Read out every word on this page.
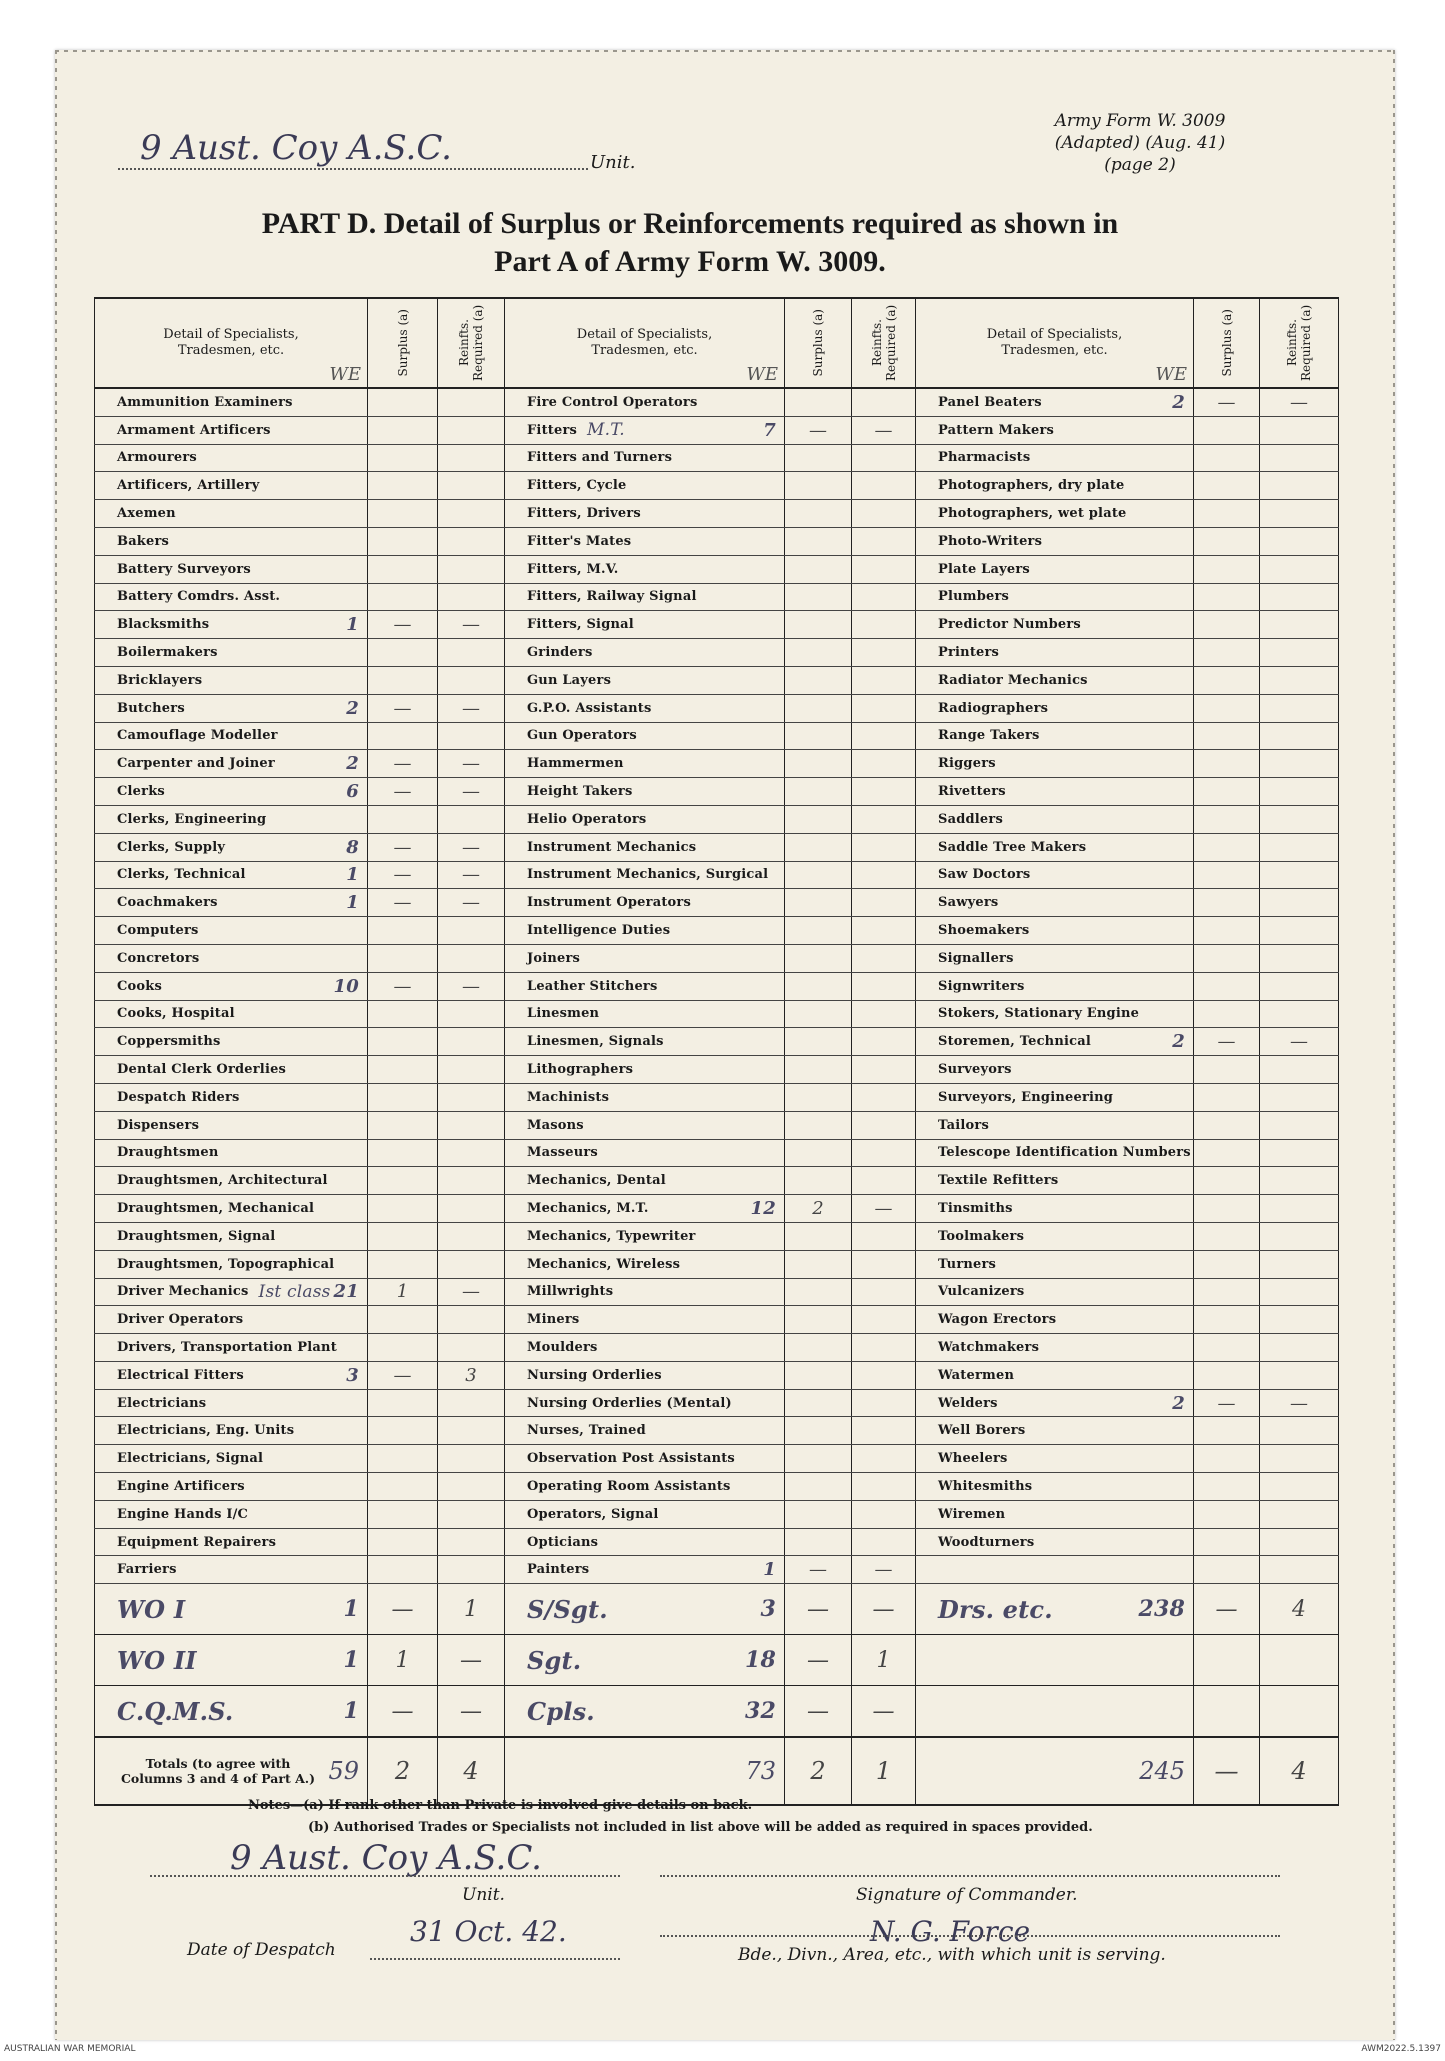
9 Aust. Coy A.S.C.	Unit.
Army Form W. 3009
(Adapted) (Aug. 41)
(page 2)
PART D. Detail of Surplus or Reinforcements required as shown in
Part A of Army Form W. 3009.
Detail of Specialists, Tradesmen, etc.
WE	Surplus (a)	Reinfts. Required (a)	Detail of Specialists, Tradesmen, etc.
WE	Surplus (a)	Reinfts. Required (a)	Detail of Specialists, Tradesmen, etc.
WE	Surplus (a)	Reinfts. Required (a)

Ammunition Examiners			Fire Control Operators			Panel Beaters 2	—	—

Armament Artificers			Fitters M.T. 7	—	—	Pattern Makers		

Armourers			Fitters and Turners			Pharmacists		

Artificers, Artillery			Fitters, Cycle			Photographers, dry plate		

Axemen			Fitters, Drivers			Photographers, wet plate		

Bakers			Fitter's Mates			Photo-Writers		

Battery Surveyors			Fitters, M.V.			Plate Layers		

Battery Comdrs. Asst.			Fitters, Railway Signal			Plumbers		

Blacksmiths 1	—	—	Fitters, Signal			Predictor Numbers		

Boilermakers			Grinders			Printers		

Bricklayers			Gun Layers			Radiator Mechanics		

Butchers 2	—	—	G.P.O. Assistants			Radiographers		

Camouflage Modeller			Gun Operators			Range Takers		

Carpenter and Joiner 2	—	—	Hammermen			Riggers		

Clerks 6	—	—	Height Takers			Rivetters		

Clerks, Engineering			Helio Operators			Saddlers		

Clerks, Supply 8	—	—	Instrument Mechanics			Saddle Tree Makers		

Clerks, Technical 1	—	—	Instrument Mechanics, Surgical			Saw Doctors		

Coachmakers 1	—	—	Instrument Operators			Sawyers		

Computers			Intelligence Duties			Shoemakers		

Concretors			Joiners			Signallers		

Cooks 10	—	—	Leather Stitchers			Signwriters		

Cooks, Hospital			Linesmen			Stokers, Stationary Engine		

Coppersmiths			Linesmen, Signals			Storemen, Technical 2	—	—

Dental Clerk Orderlies			Lithographers			Surveyors		

Despatch Riders			Machinists			Surveyors, Engineering		

Dispensers			Masons			Tailors		

Draughtsmen			Masseurs			Telescope Identification Numbers		

Draughtsmen, Architectural			Mechanics, Dental			Textile Refitters		

Draughtsmen, Mechanical			Mechanics, M.T. 12	2	—	Tinsmiths		

Draughtsmen, Signal			Mechanics, Typewriter			Toolmakers		

Draughtsmen, Topographical			Mechanics, Wireless			Turners		

Driver Mechanics Ist class 21	1	—	Millwrights			Vulcanizers		

Driver Operators			Miners			Wagon Erectors		

Drivers, Transportation Plant			Moulders			Watchmakers		

Electrical Fitters 3	—	3	Nursing Orderlies			Watermen		

Electricians			Nursing Orderlies (Mental)			Welders 2	—	—

Electricians, Eng. Units			Nurses, Trained			Well Borers		

Electricians, Signal			Observation Post Assistants			Wheelers		

Engine Artificers			Operating Room Assistants			Whitesmiths		

Engine Hands I/C			Operators, Signal			Wiremen		

Equipment Repairers			Opticians			Woodturners		

Farriers			Painters 1	—	—	

WO I 1	—	1	S/Sgt. 3	—	—	Drs. etc. 238	—	4

WO II 1	1	—	Sgt. 18	—	1	

C.Q.M.S. 1	—	—	Cpls. 32	—	—	

Totals (to agree with Columns 3 and 4 of Part A.) 59	2	4	73	2	1	245	—	4
Notes—(a) If rank other than Private is involved give details on back.
(b) Authorised Trades or Specialists not included in list above will be added as required in spaces provided.
9 Aust. Coy A.S.C.
Unit.	Signature of Commander.
Date of Despatch
31 Oct. 42.	N. G. Force
Bde., Divn., Area, etc., with which unit is serving.
AUSTRALIAN WAR MEMORIAL	AWM2022.5.1397
